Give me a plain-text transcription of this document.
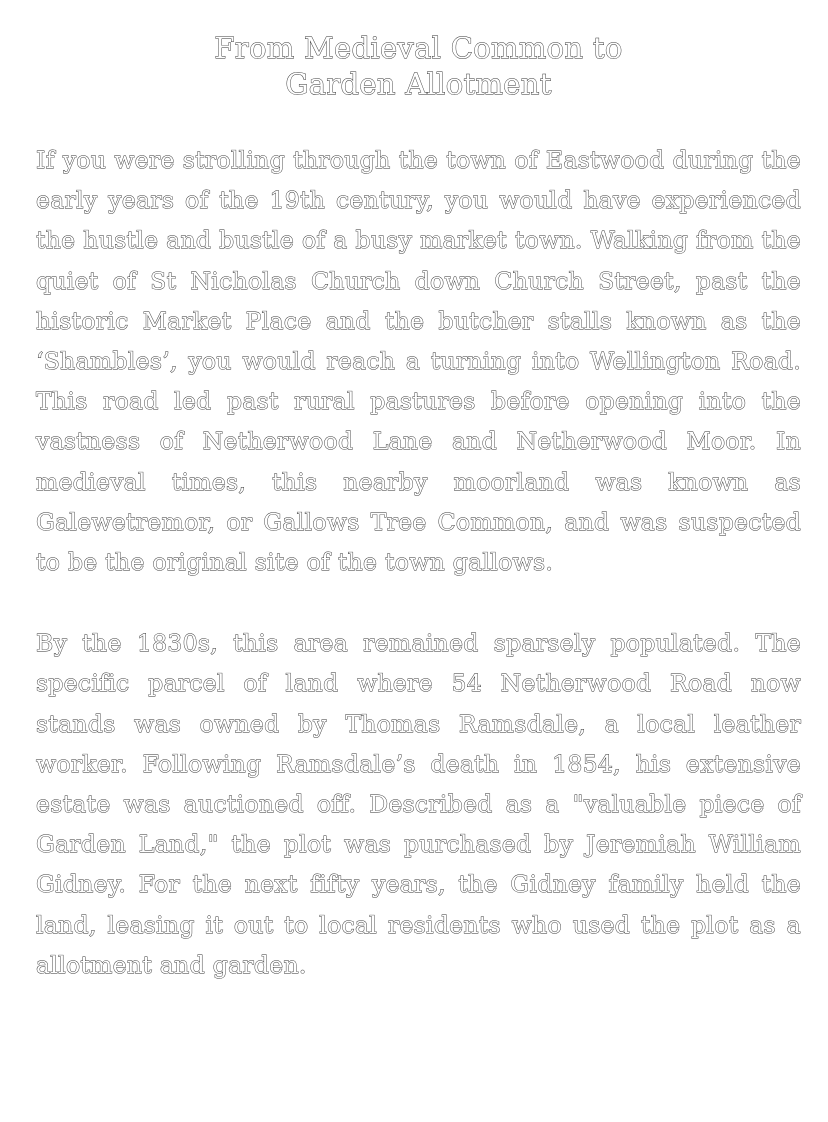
From Medieval Common to
Garden Allotment

If you were strolling through the town of Eastwood during the early years of the 19th century, you would have experienced the hustle and bustle of a busy market town. Walking from the quiet of St Nicholas Church down Church Street, past the historic Market Place and the butcher stalls known as the ‘Shambles’, you would reach a turning into Wellington Road. This road led past rural pastures before opening into the vastness of Netherwood Lane and Netherwood Moor. In medieval times, this nearby moorland was known as Galewetremor, or Gallows Tree Common, and was suspected to be the original site of the town gallows.

By the 1830s, this area remained sparsely populated. The specific parcel of land where 54 Netherwood Road now stands was owned by Thomas Ramsdale, a local leather worker. Following Ramsdale’s death in 1854, his extensive estate was auctioned off. Described as a "valuable piece of Garden Land," the plot was purchased by Jeremiah William Gidney. For the next fifty years, the Gidney family held the land, leasing it out to local residents who used the plot as a allotment and garden.
